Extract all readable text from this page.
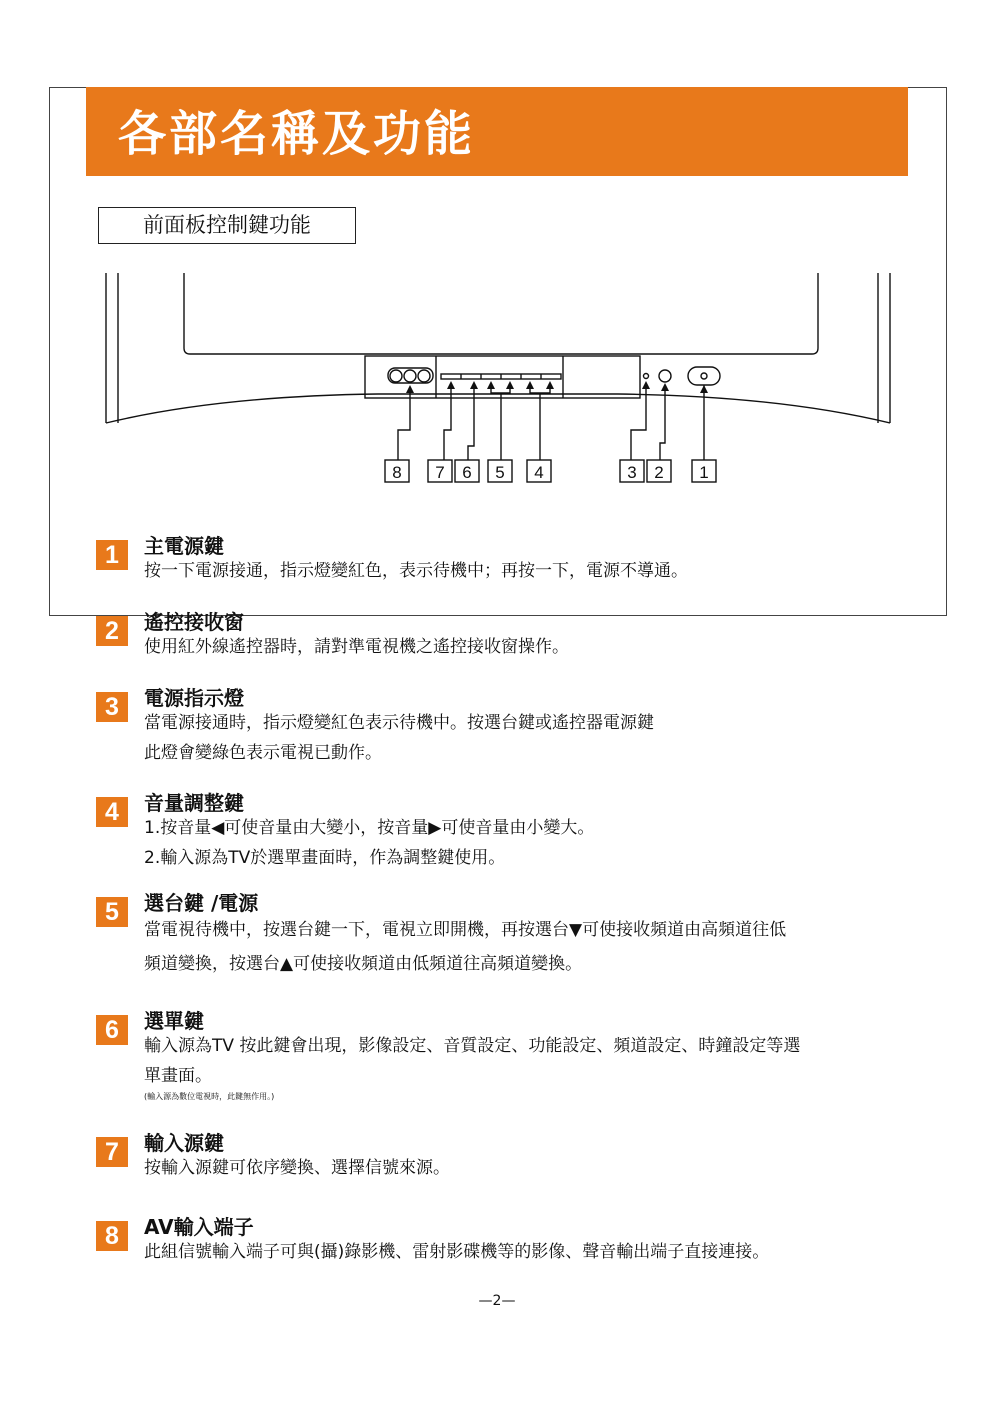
各部名稱及功能
前面板控制鍵功能
8 7 6 5 4	3 2 1
1	主電源鍵
按一下電源接通，指示燈變紅色，表示待機中；再按一下，電源不導通。
2	遙控接收窗
使用紅外線遙控器時，請對準電視機之遙控接收窗操作。
3	電源指示燈
當電源接通時，指示燈變紅色表示待機中。按選台鍵或遙控器電源鍵
此燈會變綠色表示電視已動作。
4	音量調整鍵
1.按音量◀可使音量由大變小，按音量▶可使音量由小變大。
2.輸入源為TV於選單畫面時，作為調整鍵使用。
5	選台鍵 /電源
當電視待機中，按選台鍵一下，電視立即開機，再按選台▼可使接收頻道由高頻道往低
頻道變換，按選台▲可使接收頻道由低頻道往高頻道變換。
6	選單鍵
輸入源為TV 按此鍵會出現，影像設定、音質設定、功能設定、頻道設定、時鐘設定等選
單畫面。
(輸入源為數位電視時，此鍵無作用。)
7	輸入源鍵
按輸入源鍵可依序變換、選擇信號來源。
8	AV輸入端子
此組信號輸入端子可與(攝)錄影機、雷射影碟機等的影像、聲音輸出端子直接連接。
—2—
